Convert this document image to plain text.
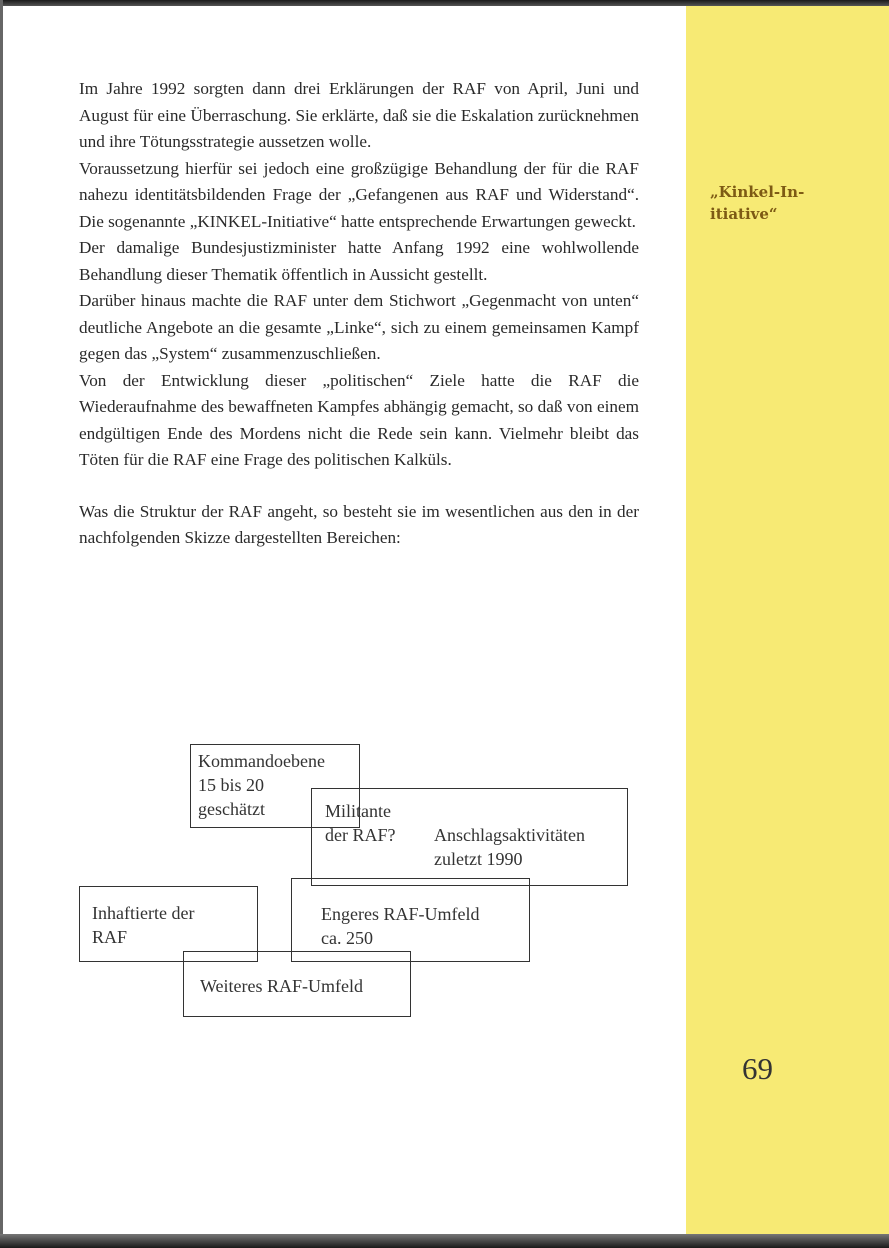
„Kinkel-Initiative“

Im Jahre 1992 sorgten dann drei Erklärungen der RAF von April, Juni und August für eine Überraschung. Sie erklärte, daß sie die Eskalation zurücknehmen und ihre Tötungsstrategie aussetzen wolle.

Voraussetzung hierfür sei jedoch eine großzügige Behandlung der für die RAF nahezu identitätsbildenden Frage der „Gefangenen aus RAF und Widerstand“. Die sogenannte „KINKEL-Initiative“ hatte entsprechende Erwartungen geweckt.

Der damalige Bundesjustizminister hatte Anfang 1992 eine wohlwollende Behandlung dieser Thematik öffentlich in Aussicht gestellt.

Darüber hinaus machte die RAF unter dem Stichwort „Gegenmacht von unten“ deutliche Angebote an die gesamte „Linke“, sich zu einem gemeinsamen Kampf gegen das „System“ zusammenzuschließen.

Von der Entwicklung dieser „politischen“ Ziele hatte die RAF die Wiederaufnahme des bewaffneten Kampfes abhängig gemacht, so daß von einem endgültigen Ende des Mordens nicht die Rede sein kann. Vielmehr bleibt das Töten für die RAF eine Frage des politischen Kalküls.

Was die Struktur der RAF angeht, so besteht sie im wesentlichen aus den in der nachfolgenden Skizze dargestellten Bereichen:

Militante
der RAF? Anschlagsaktivitäten
zuletzt 1990
Kommandoebene
15 bis 20
geschätzt
Engeres RAF-Umfeld
ca. 250
Inhaftierte der
RAF
Weiteres RAF-Umfeld
69
